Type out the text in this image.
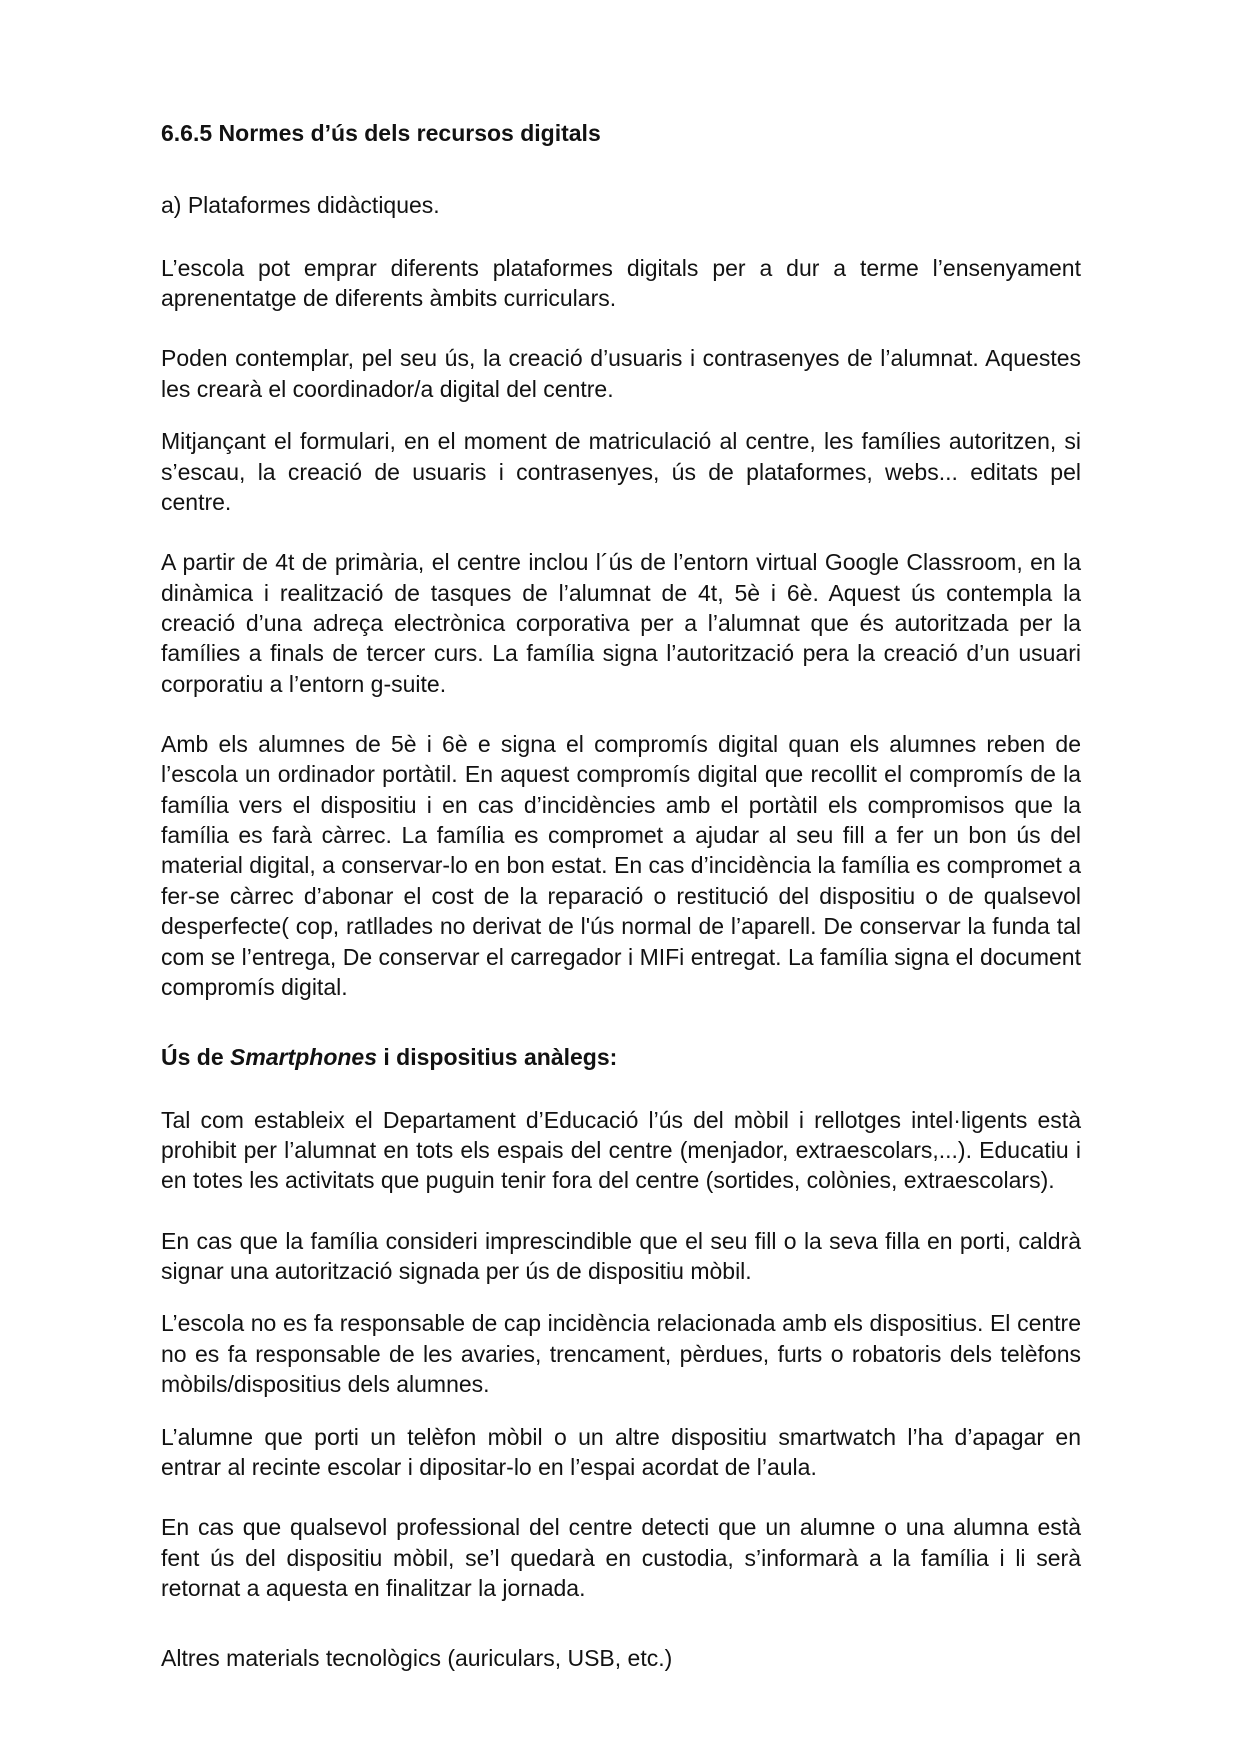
6.6.5 Normes d’ús dels recursos digitals

a) Plataformes didàctiques.

L’escola pot emprar diferents plataformes digitals per a dur a terme l’ensenyament aprenentatge de diferents àmbits curriculars.

Poden contemplar, pel seu ús, la creació d’usuaris i contrasenyes de l’alumnat. Aquestes les crearà el coordinador/a digital del centre.

Mitjançant el formulari, en el moment de matriculació al centre, les famílies autoritzen, si s’escau, la creació de usuaris i contrasenyes, ús de plataformes, webs... editats pel centre.

A partir de 4t de primària, el centre inclou l´ús de l’entorn virtual Google Classroom, en la dinàmica i realització de tasques de l’alumnat de 4t, 5è i 6è. Aquest ús contempla la creació d’una adreça electrònica corporativa per a l’alumnat que és autoritzada per la famílies a finals de tercer curs. La família signa l’autorització pera la creació d’un usuari corporatiu a l’entorn g-suite.

Amb els alumnes de 5è i 6è e signa el compromís digital quan els alumnes reben de l’escola un ordinador portàtil. En aquest compromís digital que recollit el compromís de la família vers el dispositiu i en cas d’incidències amb el portàtil els compromisos que la família es farà càrrec. La família es compromet a ajudar al seu fill a fer un bon ús del material digital, a conservar-lo en bon estat. En cas d’incidència la família es compromet a fer-se càrrec d’abonar el cost de la reparació o restitució del dispositiu o de qualsevol desperfecte( cop, ratllades no derivat de l'ús normal de l’aparell. De conservar la funda tal com se l’entrega, De conservar el carregador i MIFi entregat. La família signa el document compromís digital.

Ús de Smartphones i dispositius anàlegs:

Tal com estableix el Departament d’Educació l’ús del mòbil i rellotges intel·ligents està prohibit per l’alumnat en tots els espais del centre (menjador, extraescolars,...). Educatiu i en totes les activitats que puguin tenir fora del centre (sortides, colònies, extraescolars).

En cas que la família consideri imprescindible que el seu fill o la seva filla en porti, caldrà signar una autorització signada per ús de dispositiu mòbil.

L’escola no es fa responsable de cap incidència relacionada amb els dispositius. El centre no es fa responsable de les avaries, trencament, pèrdues, furts o robatoris dels telèfons mòbils/dispositius dels alumnes.

L’alumne que porti un telèfon mòbil o un altre dispositiu smartwatch l’ha d’apagar en entrar al recinte escolar i dipositar-lo en l’espai acordat de l’aula.

En cas que qualsevol professional del centre detecti que un alumne o una alumna està fent ús del dispositiu mòbil, se’l quedarà en custodia, s’informarà a la família i li serà retornat a aquesta en finalitzar la jornada.

Altres materials tecnològics (auriculars, USB, etc.)
